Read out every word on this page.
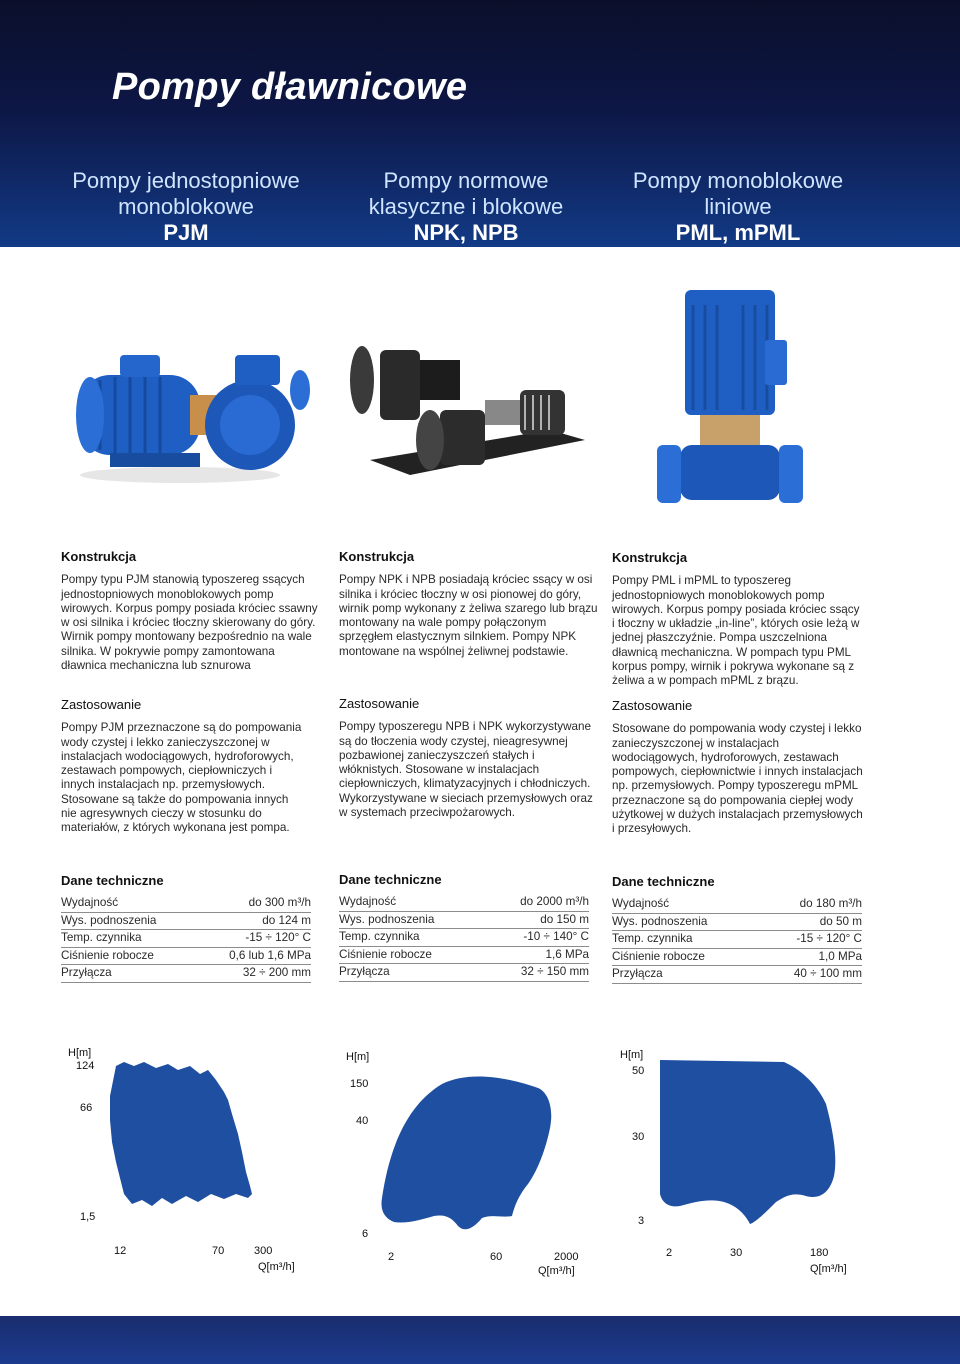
Pompy dławnicowe
Pompy jednostopniowe
monoblokowe
PJM
Pompy normowe
klasyczne i blokowe
NPK, NPB
Pompy monoblokowe
liniowe
PML, mPML
Konstrukcja
Pompy typu PJM stanowią typoszereg ssących jednostopniowych monoblokowych pomp wirowych. Korpus pompy posiada króciec ssawny w osi silnika i króciec tłoczny skierowany do góry. Wirnik pompy montowany bezpośrednio na wale silnika. W pokrywie pompy zamontowana dławnica mechaniczna lub sznurowa
Konstrukcja
Pompy NPK i NPB posiadają króciec ssący w osi silnika i króciec tłoczny w osi pionowej do góry, wirnik pomp wykonany z żeliwa szarego lub brązu montowany na wale pompy połączonym sprzęgłem elastycznym silnkiem. Pompy NPK montowane na wspólnej żeliwnej podstawie.
Konstrukcja
Pompy PML i mPML to typoszereg jednostopniowych monoblokowych pomp wirowych. Korpus pompy posiada króciec ssący i tłoczny w układzie „in-line”, których osie leżą w jednej płaszczyźnie. Pompa uszczelniona dławnicą mechaniczna. W pompach typu PML korpus pompy, wirnik i pokrywa wykonane są z żeliwa a w pompach mPML z brązu.
Zastosowanie
Pompy PJM przeznaczone są do pompowania wody czystej i lekko zanieczyszczonej w instalacjach wodociągowych, hydroforowych, zestawach pompowych, ciepłowniczych i innych instalacjach np. przemysłowych. Stosowane są także do pompowania innych nie agresywnych cieczy w stosunku do materiałów, z których wykonana jest pompa.
Zastosowanie
Pompy typoszeregu NPB i NPK wykorzystywane są do tłoczenia wody czystej, nieagresywnej pozbawionej zanieczyszczeń stałych i włóknistych. Stosowane w instalacjach ciepłowniczych, klimatyzacyjnych i chłodniczych. Wykorzystywane w sieciach przemysłowych oraz w systemach przeciwpożarowych.
Zastosowanie
Stosowane do pompowania wody czystej i lekko zanieczyszczonej w instalacjach wodociągowych, hydroforowych, zestawach pompowych, ciepłownictwie i innych instalacjach np. przemysłowych. Pompy typoszeregu mPML przeznaczone są do pompowania ciepłej wody użytkowej w dużych instalacjach przemysłowych i przesyłowych.
Dane techniczne
Wydajność	do 300 m³/h
Wys. podnoszenia	do 124 m
Temp. czynnika	-15 ÷ 120° C
Ciśnienie robocze	0,6 lub 1,6 MPa
Przyłącza	32 ÷ 200 mm
Dane techniczne
Wydajność	do 2000 m³/h
Wys. podnoszenia	do 150 m
Temp. czynnika	-10 ÷ 140° C
Ciśnienie robocze	1,6 MPa
Przyłącza	32 ÷ 150 mm
Dane techniczne
Wydajność	do 180 m³/h
Wys. podnoszenia	do 50 m
Temp. czynnika	-15 ÷ 120° C
Ciśnienie robocze	1,0 MPa
Przyłącza	40 ÷ 100 mm
H[m]
124
66
1,5
12	70	300
Q[m³/h]
H[m]
150
40
6
2	60	2000
Q[m³/h]
H[m]
50
30
3
2	30	180
Q[m³/h]
